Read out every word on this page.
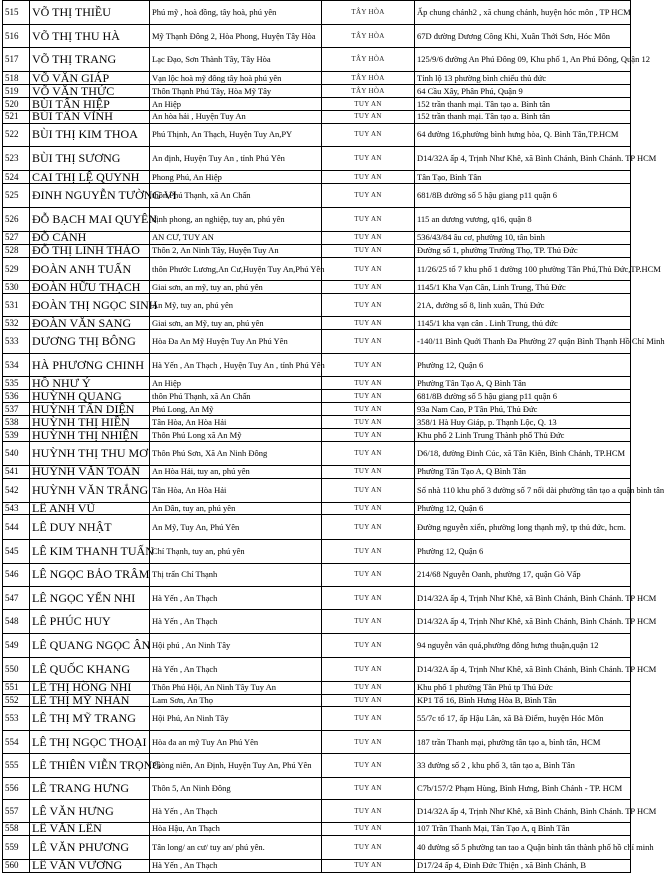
515	VÕ THỊ THIỀU	Phú mỹ , hoà đồng, tây hoà, phú yên	TÂY HÒA	Ấp chung chánh2 , xã chung chánh, huyện hóc môn , TP HCM
516	VÕ THỊ THU HÀ	Mỹ Thạnh Đông 2, Hòa Phong, Huyện Tây Hòa	TÂY HÒA	67D đường Dương Công Khi, Xuân Thới Sơn, Hóc Môn
517	VÕ THỊ TRANG	Lạc Đạo, Sơn Thành Tây, Tây Hòa	TÂY HÒA	125/9/6 đường An Phú Đông 09, Khu phố 1, An Phú Đông, Quận 12
518	VÕ VĂN GIÁP	Vạn lộc hoà mỹ đông tây hoà phú yên	TÂY HÒA	Tỉnh lộ 13 phường bình chiểu thủ đức
519	VÕ VĂN THỨC	Thôn Thạnh Phú Tây, Hòa Mỹ Tây	TÂY HÒA	64 Cầu Xây, Phân Phú, Quận 9
520	BÙI TẤN HIỆP	An Hiệp	TUY AN	152 trần thanh mại. Tân tạo a. Bình tân
521	BÙI TẤN VĨNH	An hòa hải , Huyện Tuy An	TUY AN	152 trần thanh mại. Tân tạo a. Bình tân
522	BÙI THỊ KIM THOA	Phú Thịnh, An Thạch, Huyện Tuy An,PY	TUY AN	64 đường 16,phường bình hưng hòa, Q. Bình Tân,TP.HCM
523	BÙI THỊ SƯƠNG	An định, Huyện Tuy An , tỉnh Phú Yên	TUY AN	D14/32A ấp 4, Trịnh Như Khê, xã Bình Chánh, Bình Chánh. TP HCM
524	CAI THỊ LỆ QUYNH	Phong Phú, An Hiệp	TUY AN	Tân Tạo, Bình Tân
525	ĐINH NGUYỄN TƯỜNG VI	thôn Phú Thạnh, xã An Chấn	TUY AN	681/8B đường số 5 hậu giang p11 quận 6
526	ĐỖ BẠCH MAI QUYÊN	định phong, an nghiệp, tuy an, phú yên	TUY AN	115 an dương vương, q16, quận 8
527	ĐỖ CẢNH	AN CƯ, TUY AN	TUY AN	536/43/84 âu cơ, phường 10, tân bình
528	ĐỖ THỊ LINH THẢO	Thôn 2, An Ninh Tây, Huyện Tuy An	TUY AN	Đường số 1, phường Trường Thọ, TP. Thủ Đức
529	ĐOÀN ANH TUẤN	thôn Phước Lương,An Cư,Huyện Tuy An,Phú Yên	TUY AN	11/26/25 tổ 7 khu phố 1 đường 100 phường Tân Phú,Thủ Đức,TP.HCM
530	ĐOÀN HỮU THẠCH	Giai sơn, an mỹ, tuy an, phú yên	TUY AN	1145/1 Kha Vạn Cân, Linh Trung, Thủ Đức
531	ĐOÀN THỊ NGỌC SINH	An Mỹ, tuy an, phú yên	TUY AN	21A, đường số 8, linh xuân, Thủ Đức
532	ĐOÀN VĂN SANG	Giai sơn, an Mỹ, tuy an, phú yên	TUY AN	1145/1 kha vạn cân . Linh Trung, thủ đức
533	DƯƠNG THỊ BÔNG	Hòa Đa An Mỹ Huyện Tuy An Phú Yên	TUY AN	-140/11 Bình Quới Thanh Đa Phường 27 quận Bình Thạnh Hồ Chí Minh
534	HÀ PHƯƠNG CHINH	Hà Yến , An Thạch , Huyện Tuy An , tỉnh Phú Yên	TUY AN	Phường 12, Quận 6
535	HỒ NHƯ Ý	An Hiệp	TUY AN	Phường Tân Tạo A, Q Bình Tân
536	HUỲNH QUANG	thôn Phú Thạnh, xã An Chấn	TUY AN	681/8B đường số 5 hậu giang p11 quận 6
537	HUỲNH TẤN DIỆN	Phú Long, An Mỹ	TUY AN	93a Nam Cao, P Tân Phú, Thủ Đức
538	HUỲNH THỊ HIỀN	Tân Hòa, An Hòa Hải	TUY AN	358/1 Hà Huy Giáp, p. Thạnh Lộc, Q. 13
539	HUỲNH THỊ NHIỆN	Thôn Phú Long xã An Mỹ	TUY AN	Khu phố 2 Linh Trung Thành phố Thủ Đức
540	HUỲNH THỊ THU MƠ	Thôn Phú Sơn, Xã An Ninh Đông	TUY AN	D6/18, đường Đinh Cúc, xã Tân Kiên, Bình Chánh, TP.HCM
541	HUỲNH VĂN TOÀN	An Hòa Hải, tuy an, phú yên	TUY AN	Phường Tân Tạo A, Q Bình Tân
542	HUỲNH VĂN TRẮNG	Tân Hòa, An Hòa Hải	TUY AN	Số nhà 110 khu phố 3 đường số 7 nối dài phường tân tạo a quận bình tân
543	LÊ ANH VŨ	An Dân, tuy an, phú yên	TUY AN	Phường 12, Quận 6
544	LÊ DUY NHẬT	An Mỹ, Tuy An, Phú Yên	TUY AN	Đường nguyễn xiển, phường long thạnh mỹ, tp thủ đức, hcm.
545	LÊ KIM THANH TUẤN	Chí Thạnh, tuy an, phú yên	TUY AN	Phường 12, Quận 6
546	LÊ NGỌC BẢO TRÂM	Thị trấn Chí Thạnh	TUY AN	214/68 Nguyễn Oanh, phường 17, quận Gò Vấp
547	LÊ NGỌC YẾN NHI	Hà Yến , An Thạch	TUY AN	D14/32A ấp 4, Trịnh Như Khê, xã Bình Chánh, Bình Chánh. TP HCM
548	LÊ PHÚC HUY	Hà Yến , An Thạch	TUY AN	D14/32A ấp 4, Trịnh Như Khê, xã Bình Chánh, Bình Chánh. TP HCM
549	LÊ QUANG NGỌC ÂN	Hội phú , An Ninh Tây	TUY AN	94 nguyễn văn quá,phường đông hưng thuận,quận 12
550	LÊ QUỐC KHANG	Hà Yến , An Thạch	TUY AN	D14/32A ấp 4, Trịnh Như Khê, xã Bình Chánh, Bình Chánh. TP HCM
551	LÊ THỊ HỒNG NHI	Thôn Phú Hội, An Ninh Tây Tuy An	TUY AN	Khu phố 1 phường Tân Phú tp Thủ Đức
552	LÊ THỊ MỸ NHÀN	Lam Sơn, An Thọ	TUY AN	KP1 Tổ 16, Bình Hưng Hòa B, Bình Tân
553	LÊ THỊ MỸ TRANG	Hội Phú, An Ninh Tây	TUY AN	55/7c tổ 17, ấp Hậu Lân, xã Bà Điểm, huyện Hóc Môn
554	LÊ THỊ NGỌC THOẠI	Hòa đa an mỹ Tuy An Phú Yên	TUY AN	187 trần Thanh mại, phường tân tạo a, bình tân, HCM
555	LÊ THIÊN VIỄN TRỌNG	Phòng niên, An Định, Huyện Tuy An, Phú Yên	TUY AN	33 đường số 2 , khu phố 3, tân tạo a, Bình Tân
556	LÊ TRANG HƯNG	Thôn 5, An Ninh Đông	TUY AN	C7b/157/2 Phạm Hùng, Bình Hưng, Bình Chánh - TP. HCM
557	LÊ VĂN HƯNG	Hà Yến , An Thạch	TUY AN	D14/32A ấp 4, Trịnh Như Khê, xã Bình Chánh, Bình Chánh. TP HCM
558	LÊ VĂN LÊN	Hòa Hậu, An Thạch	TUY AN	107 Trần Thanh Mại, Tân Tạo A, q Bình Tân
559	LÊ VĂN PHƯƠNG	Tân long/ an cư/ tuy an/ phú yên.	TUY AN	40 đường số 5 phường tan tao a Quận bình tân thành phố hồ chí minh
560	LÊ VĂN VƯƠNG	Hà Yến , An Thạch	TUY AN	D17/24 ấp 4, Đinh Đức Thiện , xã Bình Chánh, B
